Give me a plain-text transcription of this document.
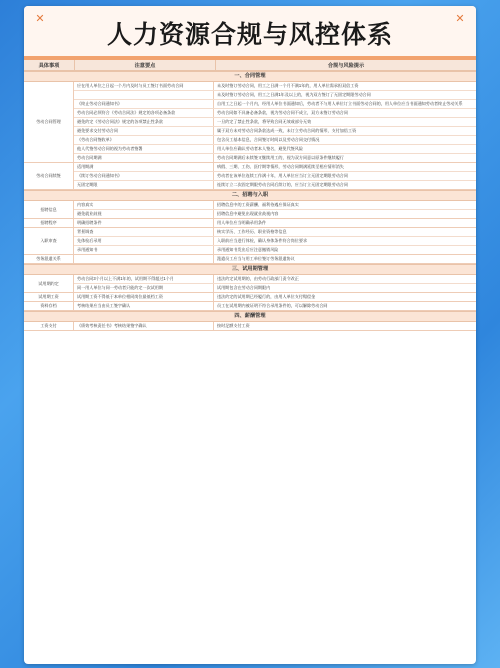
✕
人力资源合规与风控体系
✕
具体事项	注意要点	合规与风险提示
一、合同管理
劳动合同管理
应在用人单位之日起一个月内及时与员工签订书面劳动合同	未及时签订劳动合同，用工之日满一个月不满1年的，用人单位需承担双倍工资
未及时签订劳动合同，用工之日满1年及以上的，视为双方签订了无固定期限劳动合同
《终止劳动合同通知书》	自用工之日起一个月内，经用人单位书面通知后，劳动者不与用人单位订立书面劳动合同的，用人单位应当书面通知劳动者终止劳动关系
劳动合同必须符合《劳动合同法》规定的各项必备条款	劳动合同如不具备必备条款，视为劳动合同不成立，双方未签订劳动合同
避免约定《劳动合同法》规定的各项禁止性条款	一旦约定了禁止性条款，将导致合同无效或部分无效
避免要求交付劳动合同	属于双方未对劳动合同条款达成一致，未订立劳动合同的情形，支付加倍工资
《劳动合同签收单》	包含员工基本信息，合同签订时间以及劳动合同交付情况
他人代签劳动合同的视为劳动者签署	用人单位应确认劳动者本人签名，避免代签风险
劳动合同期满	劳动合同期满后未续签又继续用工的，视为双方同意以原条件继续履行
劳动合同续签
适用期满	病假、三期、工伤、医疗期等情形，劳动合同期满延续至相应情形消失
《续订劳动合同通知书》	劳动者在该单位连续工作满十年，用人单位应当订立无固定期限劳动合同
无固定期限	连续订立二次固定期限劳动合同后续订的，应当订立无固定期限劳动合同
二、招聘与入职
招聘信息
内容真实	招聘信息中的工资薪酬、福利待遇应保证真实
避免就业歧视	招聘信息中避免出现就业歧视内容
招聘程序	明确招聘条件	用人单位应当明确录用条件
入职审查
背景调查	核实学历、工作经历、职业资格等信息
先体检后录用	入职前应当进行体检，确认身体条件符合岗位要求
录用通知书	录用通知书发出后应注意撤销风险
劳务派遣关系	派遣员工应当与用工单位签订劳务派遣协议
三、试用期管理
试用期约定
劳动合同3个月以上不满1年的，试用期不得超过1个月	违法约定试用期的，由劳动行政部门责令改正
同一用人单位与同一劳动者只能约定一次试用期	试用期包含在劳动合同期限内
试用期工资	试用期工资不得低于本单位相同岗位最低档工资	违法约定的试用期已经履行的，由用人单位支付赔偿金
资料存档	考核结果应当由员工签字确认	员工在试用期内被证明不符合录用条件的，可以解除劳动合同
四、薪酬管理
工资支付	《绩效考核责任书》考核结果签字确认	按时足额支付工资
